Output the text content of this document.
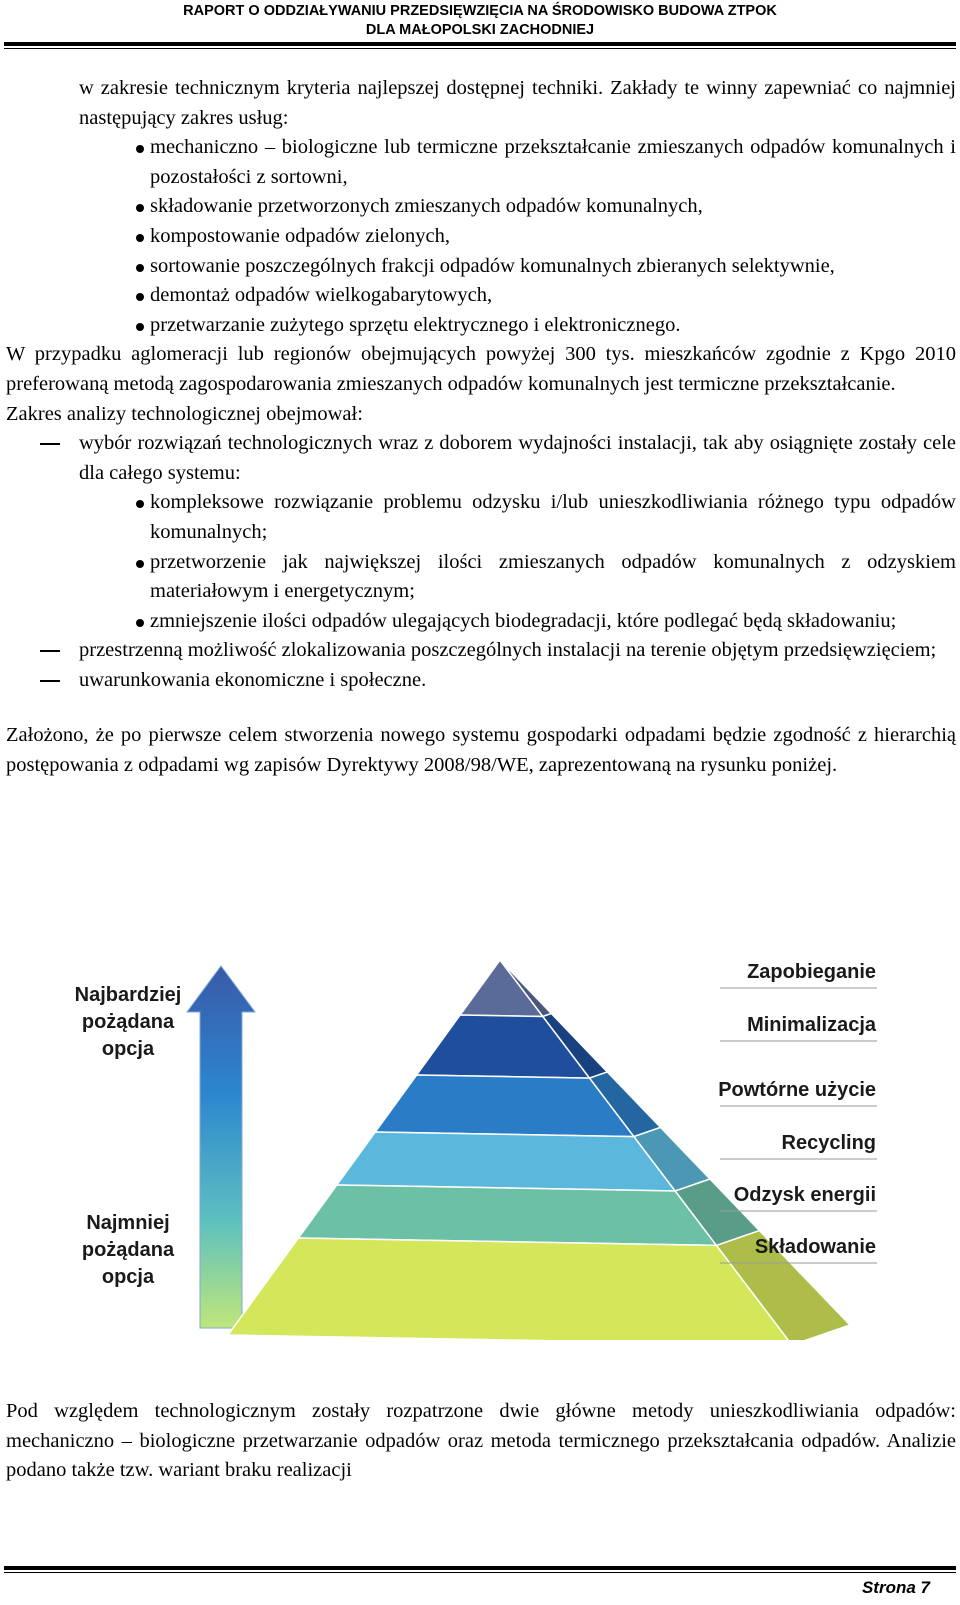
RAPORT O ODDZIAŁYWANIU PRZEDSIĘWZIĘCIA NA ŚRODOWISKO BUDOWA ZTPOK
DLA MAŁOPOLSKI ZACHODNIEJ

w zakresie technicznym kryteria najlepszej dostępnej techniki. Zakłady te winny zapewniać co najmniej następujący zakres usług:

mechaniczno – biologiczne lub termiczne przekształcanie zmieszanych odpadów komunalnych i pozostałości z sortowni,
składowanie przetworzonych zmieszanych odpadów komunalnych,
kompostowanie odpadów zielonych,
sortowanie poszczególnych frakcji odpadów komunalnych zbieranych selektywnie,
demontaż odpadów wielkogabarytowych,
przetwarzanie zużytego sprzętu elektrycznego i elektronicznego.

W przypadku aglomeracji lub regionów obejmujących powyżej 300 tys. mieszkańców zgodnie z Kpgo 2010 preferowaną metodą zagospodarowania zmieszanych odpadów komunalnych jest termiczne przekształcanie.

Zakres analizy technologicznej obejmował:

wybór rozwiązań technologicznych wraz z doborem wydajności instalacji, tak aby osiągnięte zostały cele dla całego systemu:
kompleksowe rozwiązanie problemu odzysku i/lub unieszkodliwiania różnego typu odpadów komunalnych;
przetworzenie jak największej ilości zmieszanych odpadów komunalnych z odzyskiem materiałowym i energetycznym;
zmniejszenie ilości odpadów ulegających biodegradacji, które podlegać będą składowaniu;
przestrzenną możliwość zlokalizowania poszczególnych instalacji na terenie objętym przedsięwzięciem;
uwarunkowania ekonomiczne i społeczne.

Założono, że po pierwsze celem stworzenia nowego systemu gospodarki odpadami będzie zgodność z hierarchią postępowania z odpadami wg zapisów Dyrektywy 2008/98/WE, zaprezentowaną na rysunku poniżej.

Najbardziej pożądana opcja
Najmniej pożądana opcja
Zapobieganie
Minimalizacja
Powtórne użycie
Recycling
Odzysk energii
Składowanie

Pod względem technologicznym zostały rozpatrzone dwie główne metody unieszkodliwiania odpadów: mechaniczno – biologiczne przetwarzanie odpadów oraz metoda termicznego przekształcania odpadów. Analizie podano także tzw. wariant braku realizacji

Strona 7
